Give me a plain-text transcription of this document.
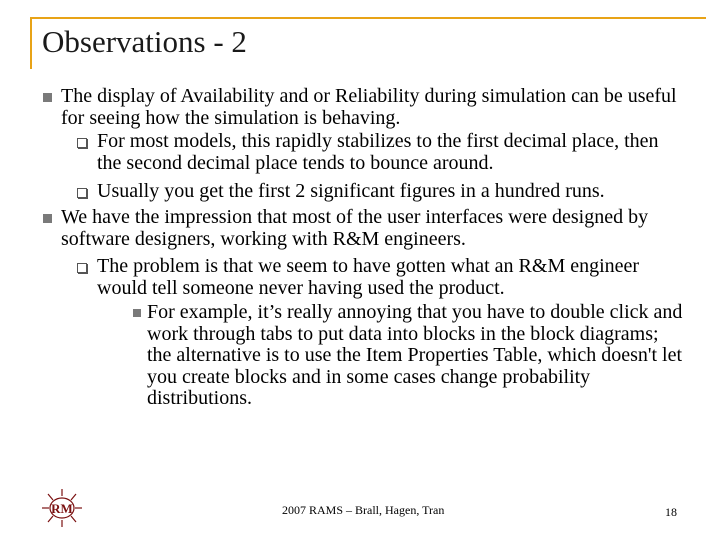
Observations - 2
The display of Availability and or Reliability during simulation can be useful for seeing how the simulation is behaving.
For most models, this rapidly stabilizes to the first decimal place, then the second decimal place tends to bounce around.
Usually you get the first 2 significant figures in a hundred runs.
We have the impression that most of the user interfaces were designed by software designers, working with R&M engineers.
The problem is that we seem to have gotten what an R&M engineer would tell someone never having used the product.
For example, it’s really annoying that you have to double click and work through tabs to put data into blocks in the block diagrams; the alternative is to use the Item Properties Table, which doesn't let you create blocks and in some cases change probability distributions.
RM	2007 RAMS – Brall, Hagen, Tran	18
